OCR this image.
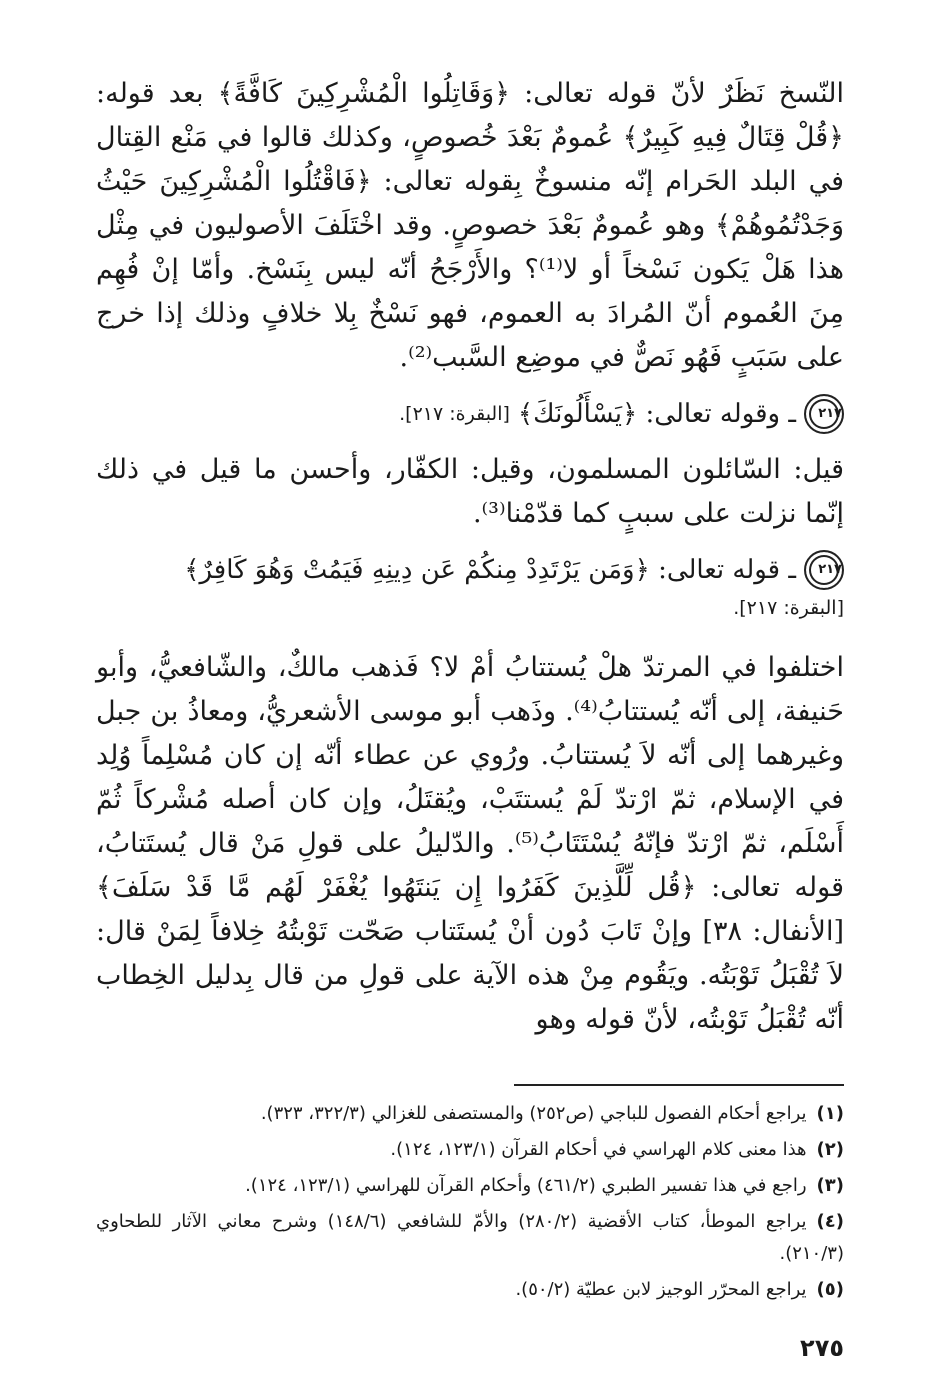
النّسخ نَظَرٌ لأنّ قوله تعالى: ﴿وَقَاتِلُوا الْمُشْرِكِينَ كَافَّةً﴾ بعد قوله: ﴿قُلْ قِتَالٌ فِيهِ كَبِيرٌ﴾ عُمومٌ بَعْدَ خُصوصٍ، وكذلك قالوا في مَنْع القِتال في البلد الحَرام إنّه منسوخٌ بِقوله تعالى: ﴿فَاقْتُلُوا الْمُشْرِكِينَ حَيْثُ وَجَدْتُمُوهُمْ﴾ وهو عُمومٌ بَعْدَ خصوصٍ. وقد اخْتَلَفَ الأصوليون في مِثْل هذا هَلْ يَكون نَسْخاً أو لا⁽¹⁾؟ والأَرْجَحُ أنّه ليس بِنَسْخ. وأمّا إنْ فُهِم مِنَ العُموم أنّ المُرادَ به العموم، فهو نَسْخٌ بِلا خلافٍ وذلك إذا خرج على سَبَبٍ فَهُو نَصٌّ في موضِع السَّبب⁽²⁾.

٢١٧
ـ وقوله تعالى: ﴿يَسْأَلُونَكَ﴾
[البقرة: ٢١٧].

قيل: السّائلون المسلمون، وقيل: الكفّار، وأحسن ما قيل في ذلك إنّما نزلت على سببٍ كما قدّمْنا⁽³⁾.

٢١٧
ـ قوله تعالى: ﴿وَمَن يَرْتَدِدْ مِنكُمْ عَن دِينِهِ فَيَمُتْ وَهُوَ كَافِرٌ﴾
[البقرة: ٢١٧].

اختلفوا في المرتدّ هلْ يُستتابُ أمْ لا؟ فَذهب مالكٌ، والشّافعيُّ، وأبو حَنيفة، إلى أنّه يُستتابُ⁽⁴⁾. وذَهب أبو موسى الأشعريُّ، ومعاذُ بن جبل وغيرهما إلى أنّه لاَ يُستتابُ. ورُوي عن عطاء أنّه إن كان مُسْلِماً وُلِد في الإسلام، ثمّ ارْتدّ لَمْ يُستتَبْ، ويُقتَلُ، وإن كان أصله مُشْركاً ثُمّ أَسْلَم، ثمّ ارْتدّ فإنّهُ يُسْتَتَابُ⁽⁵⁾. والدّليلُ على قولِ مَنْ قال يُستَتابُ، قوله تعالى: ﴿قُل لِّلَّذِينَ كَفَرُوا إِن يَنتَهُوا يُغْفَرْ لَهُم مَّا قَدْ سَلَفَ﴾ [الأنفال: ٣٨] وإنْ تَابَ دُون أنْ يُستَتاب صَحّت تَوْبتُهُ خِلافاً لِمَنْ قال: لاَ تُقْبَلُ تَوْبَتُه. ويَقُوم مِنْ هذه الآية على قولِ من قال بِدليل الخِطاب أنّه تُقْبَلُ تَوْبتُه، لأنّ قوله وهو

(١)يراجع أحكام الفصول للباجي (ص٢٥٢) والمستصفى للغزالي (٣٢٢/٣، ٣٢٣).

(٢)هذا معنى كلام الهراسي في أحكام القرآن (١٢٣/١، ١٢٤).

(٣)راجع في هذا تفسير الطبري (٤٦١/٢) وأحكام القرآن للهراسي (١٢٣/١، ١٢٤).

(٤)يراجع الموطأ، كتاب الأقضية (٢٨٠/٢) والأمّ للشافعي (١٤٨/٦) وشرح معاني الآثار للطحاوي (٢١٠/٣).

(٥)يراجع المحرّر الوجيز لابن عطيّة (٥٠/٢).

٢٧٥
